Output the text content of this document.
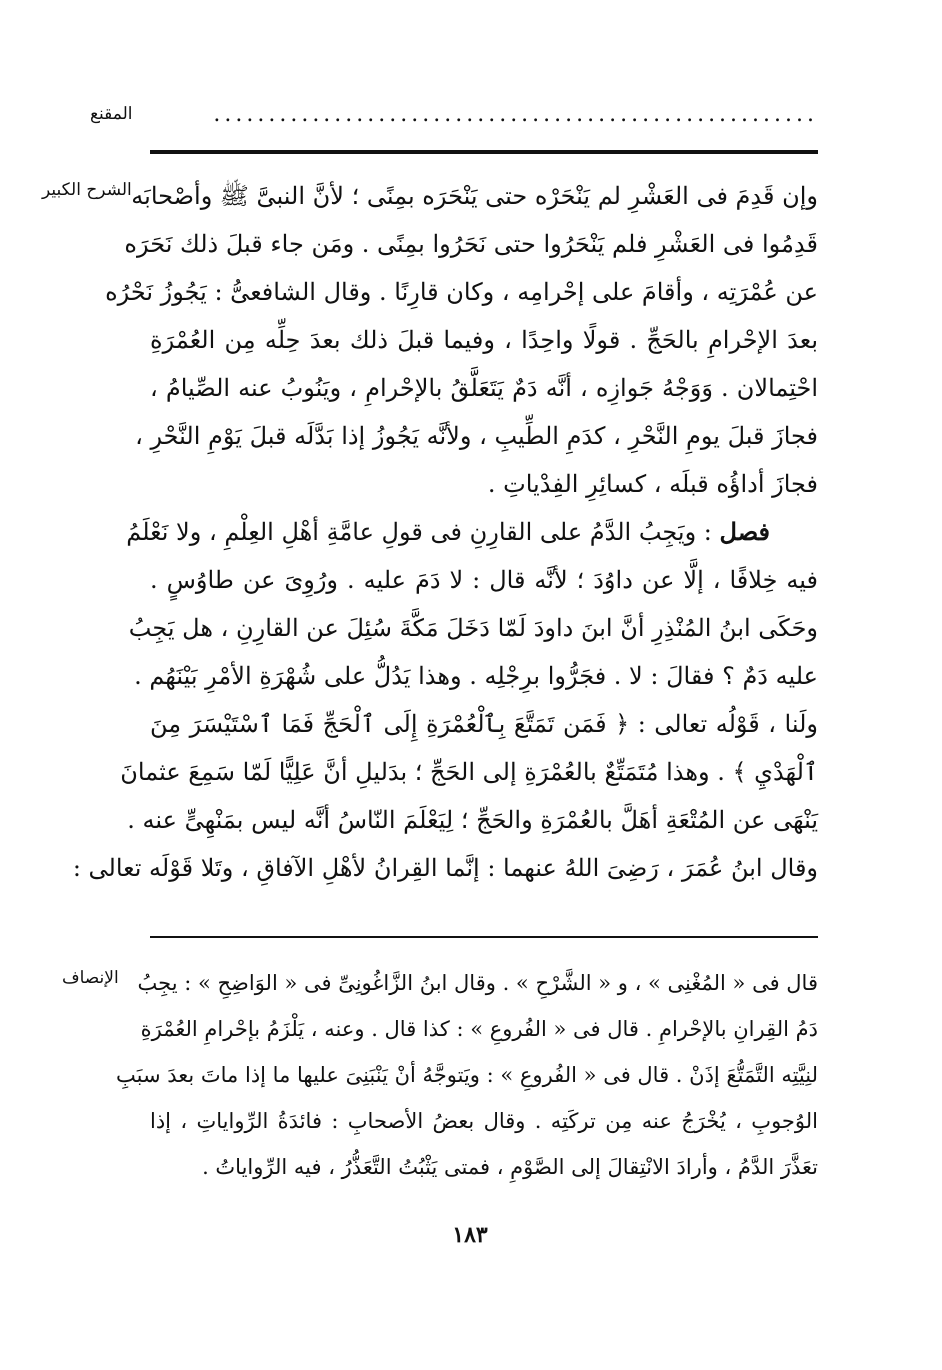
المقنع	.......................................................
الشرح الكبير
الإنصاف
وإن قَدِمَ فى العَشْرِ لم يَنْحَرْه حتى يَنْحَرَه بمِنًى ؛ لأنَّ النبىَّ ﷺ وأصْحابَه
قَدِمُوا فى العَشْرِ فلم يَنْحَرُوا حتى نَحَرُوا بمِنًى . ومَن جاء قبلَ ذلك نَحَرَه
عن عُمْرَتِه ، وأقامَ على إحْرامِه ، وكان قارِنًا . وقال الشافعىُّ : يَجُوزُ نَحْرُه
بعدَ الإحْرامِ بالحَجِّ . قولًا واحِدًا ، وفيما قبلَ ذلك بعدَ حِلِّه مِن العُمْرَةِ
احْتِمالان . وَوَجْهُ جَوازِه ، أنَّه دَمٌ يَتَعَلَّقُ بالإحْرامِ ، ويَنُوبُ عنه الصِّيامُ ،
فجازَ قبلَ يومِ النَّحْرِ ، كدَمِ الطِّيبِ ، ولأنَّه يَجُوزُ إذا بَدَّلَه قبلَ يَوْمِ النَّحْرِ ،
فجازَ أداؤُه قبلَه ، كسائِرِ الفِدْياتِ .
فصل : ويَجِبُ الدَّمُ على القارِنِ فى قولِ عامَّةِ أهْلِ العِلْمِ ، ولا نَعْلَمُ
فيه خِلافًا ، إلَّا عن داوُدَ ؛ لأنَّه قال : لا دَمَ عليه . ورُوِىَ عن طاوُسٍ .
وحَكَى ابنُ المُنْذِرِ أنَّ ابنَ داودَ لَمّا دَخَلَ مَكَّةَ سُئِلَ عن القارِنِ ، هل يَجِبُ
عليه دَمٌ ؟ فقالَ : لا . فجَرُّوا برِجْلِه . وهذا يَدُلُّ على شُهْرَةِ الأمْرِ بَيْنَهُم .
ولَنا ، قَوْلُه تعالى : ﴿ فَمَن تَمَتَّعَ بِٱلْعُمْرَةِ إِلَى ٱلْحَجِّ فَمَا ٱسْتَيْسَرَ مِنَ
ٱلْهَدْيِ ﴾ . وهذا مُتَمَتِّعٌ بالعُمْرَةِ إلى الحَجِّ ؛ بدَليلِ أنَّ عَلِيًّا لَمّا سَمِعَ عثمانَ
يَنْهَى عن المُتْعَةِ أهَلَّ بالعُمْرَةِ والحَجِّ ؛ لِيَعْلَمَ النّاسُ أنَّه ليس بمَنْهِىٍّ عنه .
وقال ابنُ عُمَرَ ، رَضِىَ اللهُ عنهما : إنَّما القِرانُ لأهْلِ الآفاقِ ، وتَلا قَوْلَه تعالى :
قال فى « المُغْنِى » ، و « الشَّرْحِ » . وقال ابنُ الزَّاغُونِىِّ فى « الوَاضِحِ » : يجِبُ
دَمُ القِرانِ بالإحْرامِ . قال فى « الفُروعِ » : كذا قال . وعنه ، يَلْزَمُ بإحْرامِ العُمْرَةِ
لنِيَّتِه التَّمَتُّعَ إذَنْ . قال فى « الفُروعِ » : ويَتوجَّهُ أنْ يَنْبَنِىَ عليها ما إذا ماتَ بعدَ سبَبِ
الوُجوبِ ، يُخْرَجُ عنه مِن تركَتِه . وقال بعضُ الأصحابِ : فائدَةُ الرِّواياتِ ، إذا
تعَذَّرَ الدَّمُ ، وأرادَ الانْتِقالَ إلى الصَّوْمِ ، فمتى يَثْبُتُ التَّعَذُّرُ ، فيه الرِّواياتُ .
١٨٣
